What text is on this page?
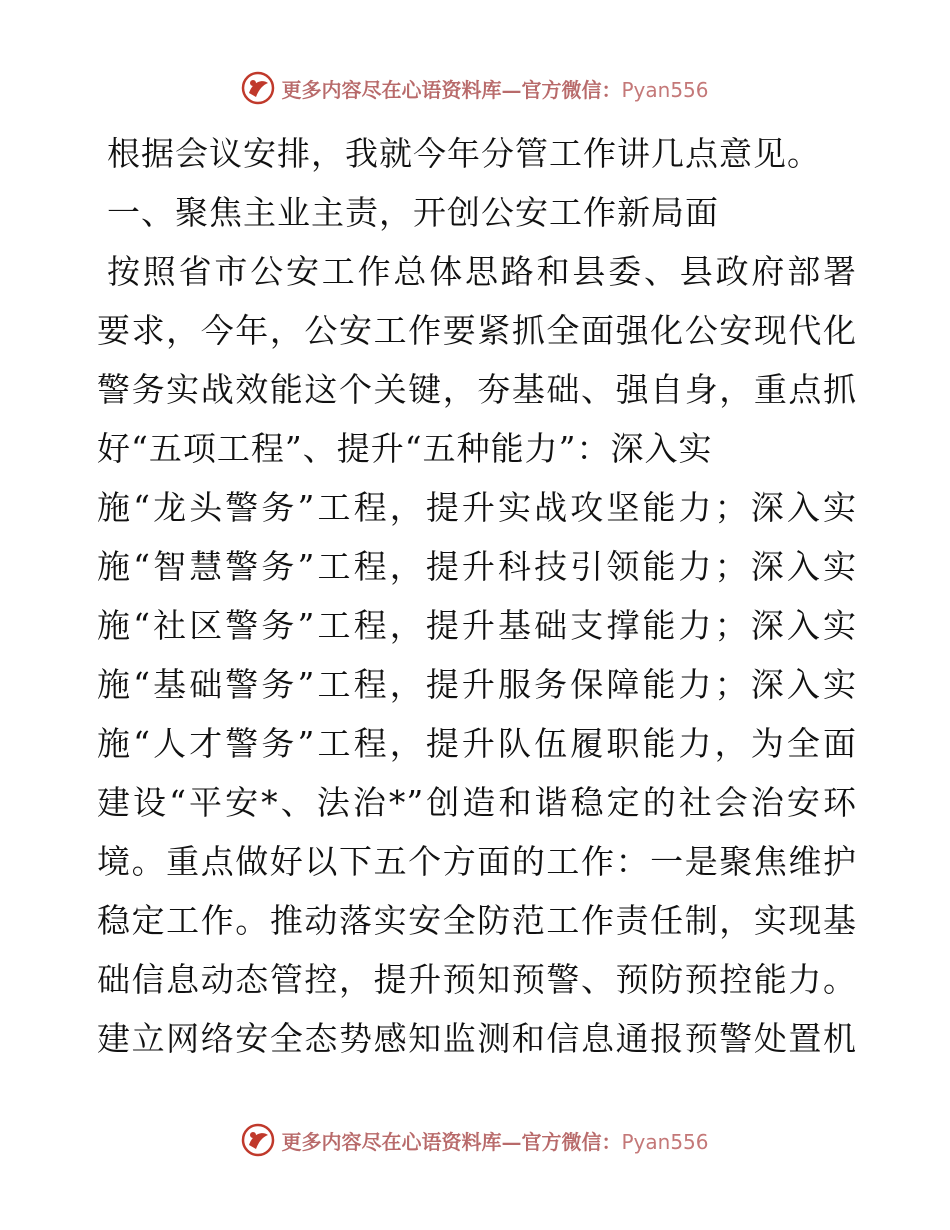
更多内容尽在心语资料库—官方微信：Pyan556
根据会议安排，我就今年分管工作讲几点意见。
一、聚焦主业主责，开创公安工作新局面
按照省市公安工作总体思路和县委、县政府部署
要求，今年，公安工作要紧抓全面强化公安现代化
警务实战效能这个关键，夯基础、强自身，重点抓
好“五项工程”、提升“五种能力”：深入实
施“龙头警务”工程，提升实战攻坚能力；深入实
施“智慧警务”工程，提升科技引领能力；深入实
施“社区警务”工程，提升基础支撑能力；深入实
施“基础警务”工程，提升服务保障能力；深入实
施“人才警务”工程，提升队伍履职能力，为全面
建设“平安*、法治*”创造和谐稳定的社会治安环
境。重点做好以下五个方面的工作：一是聚焦维护
稳定工作。推动落实安全防范工作责任制，实现基
础信息动态管控，提升预知预警、预防预控能力。
建立网络安全态势感知监测和信息通报预警处置机
更多内容尽在心语资料库—官方微信：Pyan556
